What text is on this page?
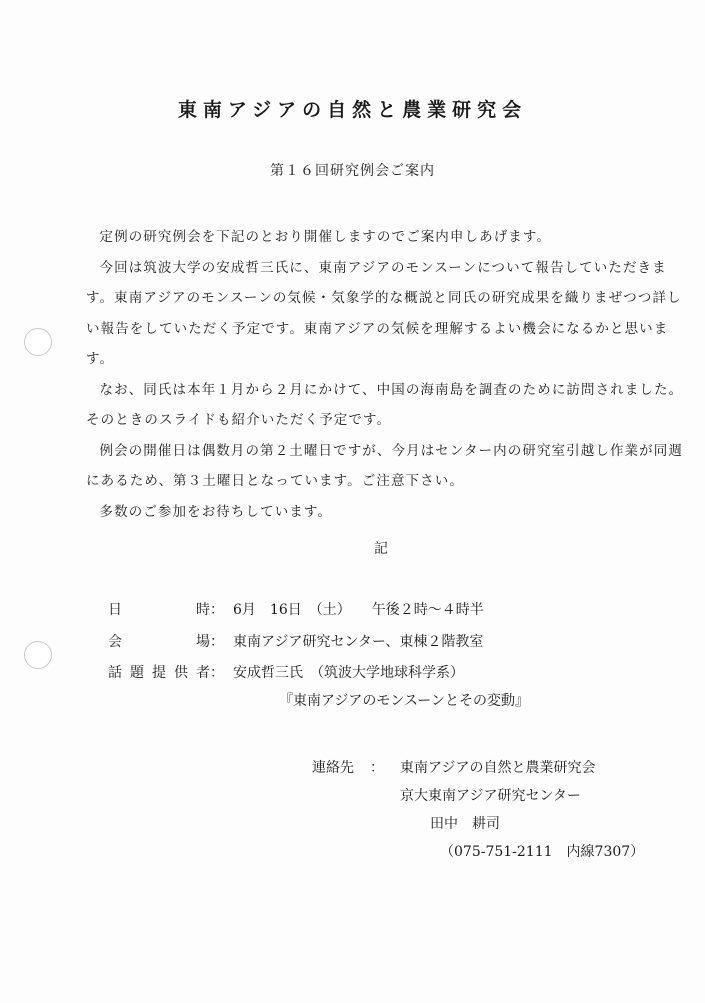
東南アジアの自然と農業研究会
第１６回研究例会ご案内

定例の研究例会を下記のとおり開催しますのでご案内申しあげます。

今回は筑波大学の安成哲三氏に、東南アジアのモンスーンについて報告していただきます。東南アジアのモンスーンの気候・気象学的な概説と同氏の研究成果を織りまぜつつ詳しい報告をしていただく予定です。東南アジアの気候を理解するよい機会になるかと思います。

なお、同氏は本年１月から２月にかけて、中国の海南島を調査のために訪問されました。そのときのスライドも紹介いただく予定です。

例会の開催日は偶数月の第２土曜日ですが、今月はセンター内の研究室引越し作業が同週にあるため、第３土曜日となっています。ご注意下さい。

多数のご参加をお待ちしています。

記
日時： 6月　16日　（土）　　午後２時～４時半
会場： 東南アジア研究センター、東棟２階教室
話題提供者： 安成哲三氏　（筑波大学地球科学系）
『東南アジアのモンスーンとその変動』
連絡先 ： 東南アジアの自然と農業研究会
京大東南アジア研究センター
田中　耕司
（075-751-2111　内線7307）
